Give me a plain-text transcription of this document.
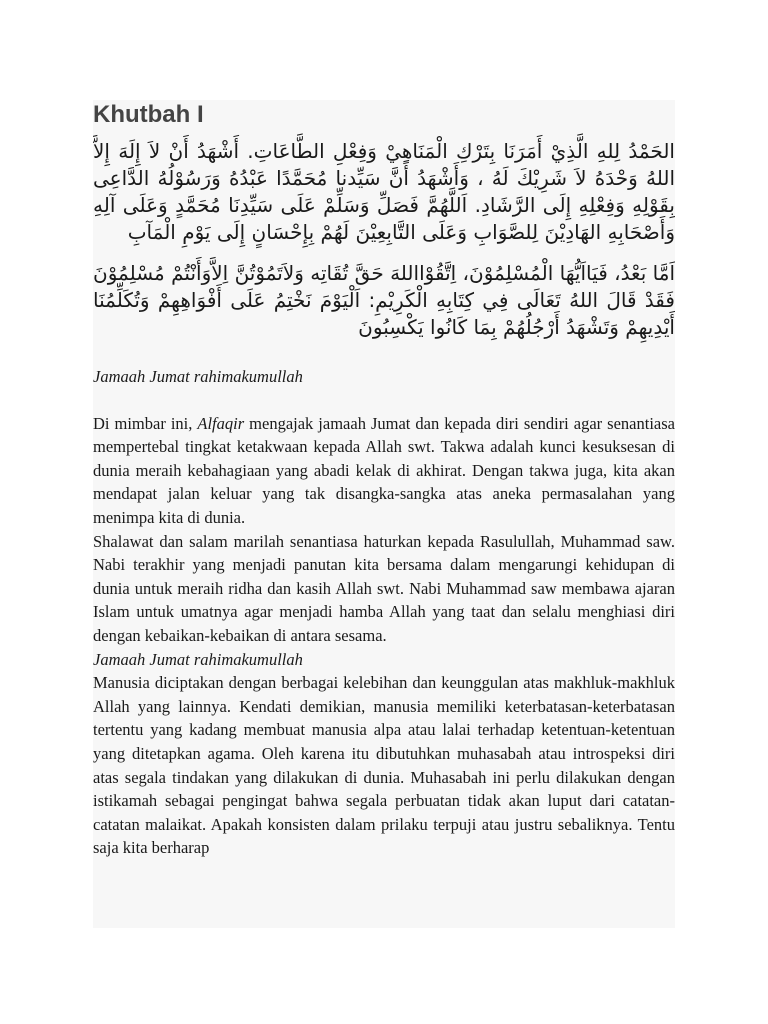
Khutbah I

الحَمْدُ لِلهِ الَّذِيْ أَمَرَنَا بِتَرْكِ الْمَنَاهِيْ وَفِعْلِ الطَّاعَاتِ. أَشْهَدُ أَنْ لاَ إِلَهَ إِلاَّ اللهُ وَحْدَهُ لاَ شَرِيْكَ لَهُ ، وَأَشْهَدُ أَنَّ سَيِّدنا مُحَمَّدًا عَبْدُهُ وَرَسُوْلُهُ الدَّاعِى بِقَوْلِهِ وَفِعْلِهِ إِلَى الرَّشَادِ. اَللَّهُمَّ فَصَلِّ وَسَلِّمْ عَلَى سَيِّدِنَا مُحَمَّدٍ وَعَلَى آلِهِ وَأَصْحَابِهِ الهَادِيْنَ لِلصَّوَابِ وَعَلَى التَّابِعِيْنَ لَهُمْ بِإِحْسَانٍ إِلَى يَوْمِ الْمَآبِ

اَمَّا بَعْدُ، فَيَااَيُّهَا الْمُسْلِمُوْنَ، اِتَّقُوْااللهَ حَقَّ تُقَاتِه وَلاَتَمُوْتُنَّ اِلاَّوَأَنْتُمْ مُسْلِمُوْنَ فَقَدْ قَالَ اللهُ تَعَالَى فِي كِتَابِهِ الْكَرِيْمِ: اَلْيَوْمَ نَخْتِمُ عَلَى أَفْوَاهِهِمْ وَتُكَلِّمُنَا أَيْدِيهِمْ وَتَشْهَدُ أَرْجُلُهُمْ بِمَا كَانُوا يَكْسِبُونَ

Jamaah Jumat rahimakumullah

Di mimbar ini, Alfaqir mengajak jamaah Jumat dan kepada diri sendiri agar senantiasa mempertebal tingkat ketakwaan kepada Allah swt. Takwa adalah kunci kesuksesan di dunia meraih kebahagiaan yang abadi kelak di akhirat. Dengan takwa juga, kita akan mendapat jalan keluar yang tak disangka-sangka atas aneka permasalahan yang menimpa kita di dunia.

Shalawat dan salam marilah senantiasa haturkan kepada Rasulullah, Muhammad saw. Nabi terakhir yang menjadi panutan kita bersama dalam mengarungi kehidupan di dunia untuk meraih ridha dan kasih Allah swt. Nabi Muhammad saw membawa ajaran Islam untuk umatnya agar menjadi hamba Allah yang taat dan selalu menghiasi diri dengan kebaikan-kebaikan di antara sesama.

Jamaah Jumat rahimakumullah

Manusia diciptakan dengan berbagai kelebihan dan keunggulan atas makhluk-makhluk Allah yang lainnya. Kendati demikian, manusia memiliki keterbatasan-keterbatasan tertentu yang kadang membuat manusia alpa atau lalai terhadap ketentuan-ketentuan yang ditetapkan agama. Oleh karena itu dibutuhkan muhasabah atau introspeksi diri atas segala tindakan yang dilakukan di dunia. Muhasabah ini perlu dilakukan dengan istikamah sebagai pengingat bahwa segala perbuatan tidak akan luput dari catatan-catatan malaikat. Apakah konsisten dalam prilaku terpuji atau justru sebaliknya. Tentu saja kita berharap
